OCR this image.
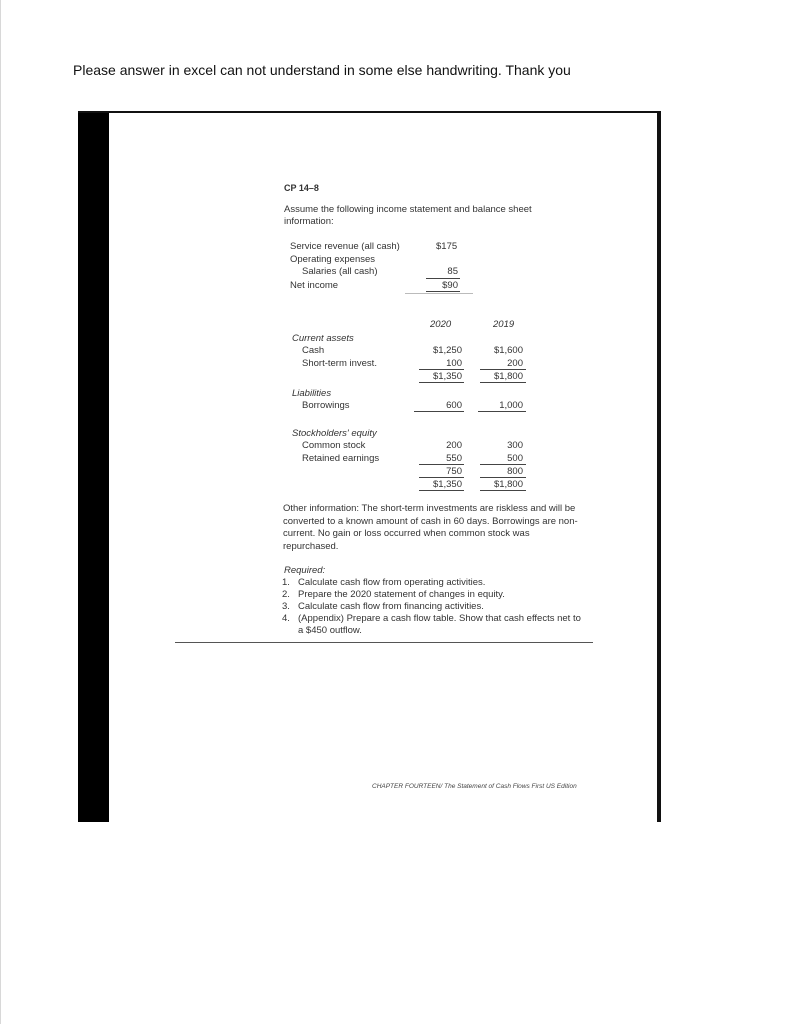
Please answer in excel can not understand in some else handwriting. Thank you
CP 14–8
Assume the following income statement and balance sheet
information:
Service revenue (all cash)	$175
Operating expenses
Salaries (all cash)	85
Net income	$90
2020	2019
Current assets
Cash	$1,250	$1,600
Short-term invest.	100	200
$1,350	$1,800
Liabilities
Borrowings	600	1,000
Stockholders' equity
Common stock	200	300
Retained earnings	550	500
750	800
$1,350	$1,800
Other information: The short-term investments are riskless and will be
converted to a known amount of cash in 60 days. Borrowings are non-
current. No gain or loss occurred when common stock was
repurchased.
Required:
1. Calculate cash flow from operating activities.
2. Prepare the 2020 statement of changes in equity.
3. Calculate cash flow from financing activities.
4. (Appendix) Prepare a cash flow table. Show that cash effects net to
a $450 outflow.
CHAPTER FOURTEEN/ The Statement of Cash Flows First US Edition
